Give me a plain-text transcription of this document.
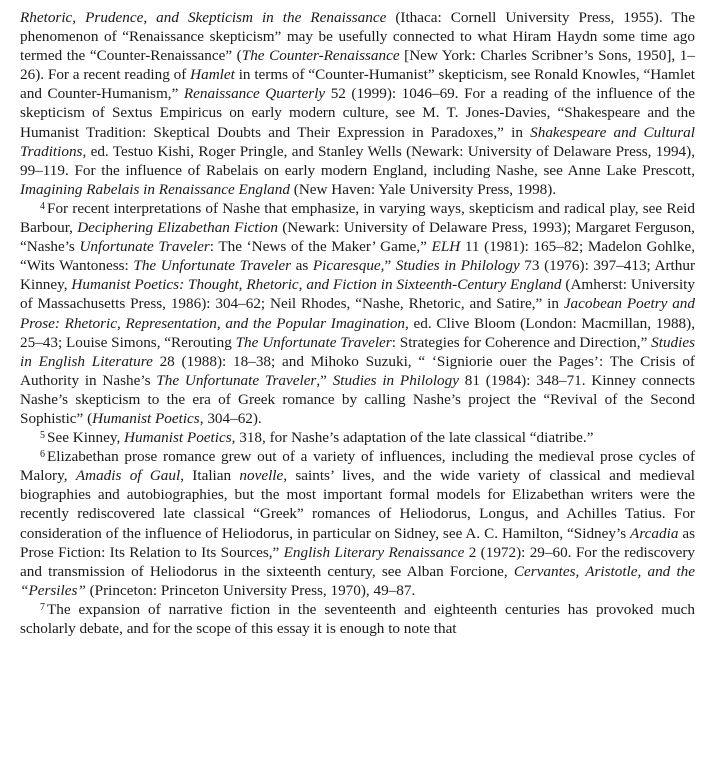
Rhetoric, Prudence, and Skepticism in the Renaissance (Ithaca: Cornell University Press, 1955). The phenomenon of “Renaissance skepticism” may be usefully connected to what Hiram Haydn some time ago termed the “Counter-Renaissance” (The Counter-Renaissance [New York: Charles Scribner’s Sons, 1950], 1–26). For a recent reading of Hamlet in terms of “Counter-Humanist” skepticism, see Ronald Knowles, “Hamlet and Counter-Humanism,” Renaissance Quarterly 52 (1999): 1046–69. For a reading of the influence of the skepticism of Sextus Empiricus on early modern culture, see M. T. Jones-Davies, “Shakespeare and the Humanist Tradition: Skeptical Doubts and Their Expression in Paradoxes,” in Shakespeare and Cultural Traditions, ed. Testuo Kishi, Roger Pringle, and Stanley Wells (Newark: University of Delaware Press, 1994), 99–119. For the influence of Rabelais on early modern England, including Nashe, see Anne Lake Prescott, Imagining Rabelais in Renaissance England (New Haven: Yale University Press, 1998).

$^4$ For recent interpretations of Nashe that emphasize, in varying ways, skepticism and radical play, see Reid Barbour, Deciphering Elizabethan Fiction (Newark: University of Delaware Press, 1993); Margaret Ferguson, “Nashe’s Unfortunate Traveler: The ‘News of the Maker’ Game,” ELH 11 (1981): 165–82; Madelon Gohlke, “Wits Wantoness: The Unfortunate Traveler as Picaresque,” Studies in Philology 73 (1976): 397–413; Arthur Kinney, Humanist Poetics: Thought, Rhetoric, and Fiction in Sixteenth-Century England (Amherst: University of Massachusetts Press, 1986): 304–62; Neil Rhodes, “Nashe, Rhetoric, and Satire,” in Jacobean Poetry and Prose: Rhetoric, Representation, and the Popular Imagination, ed. Clive Bloom (London: Macmillan, 1988), 25–43; Louise Simons, “Rerouting The Unfortunate Traveler: Strategies for Coherence and Direction,” Studies in English Literature 28 (1988): 18–38; and Mihoko Suzuki, “ ‘Signiorie ouer the Pages’: The Crisis of Authority in Nashe’s The Unfortunate Traveler,” Studies in Philology 81 (1984): 348–71. Kinney connects Nashe’s skepticism to the era of Greek romance by calling Nashe’s project the “Revival of the Second Sophistic” (Humanist Poetics, 304–62).

$^5$ See Kinney, Humanist Poetics, 318, for Nashe’s adaptation of the late classical “diatribe.”

$^6$ Elizabethan prose romance grew out of a variety of influences, including the medieval prose cycles of Malory, Amadis of Gaul, Italian novelle, saints’ lives, and the wide variety of classical and medieval biographies and autobiographies, but the most important formal models for Elizabethan writers were the recently rediscovered late classical “Greek” romances of Heliodorus, Longus, and Achilles Tatius. For consideration of the influence of Heliodorus, in particular on Sidney, see A. C. Hamilton, “Sidney’s Arcadia as Prose Fiction: Its Relation to Its Sources,” English Literary Renaissance 2 (1972): 29–60. For the rediscovery and transmission of Heliodorus in the sixteenth century, see Alban Forcione, Cervantes, Aristotle, and the “Persiles” (Princeton: Princeton University Press, 1970), 49–87.

$^7$ The expansion of narrative fiction in the seventeenth and eighteenth centuries has provoked much scholarly debate, and for the scope of this essay it is enough to note that
